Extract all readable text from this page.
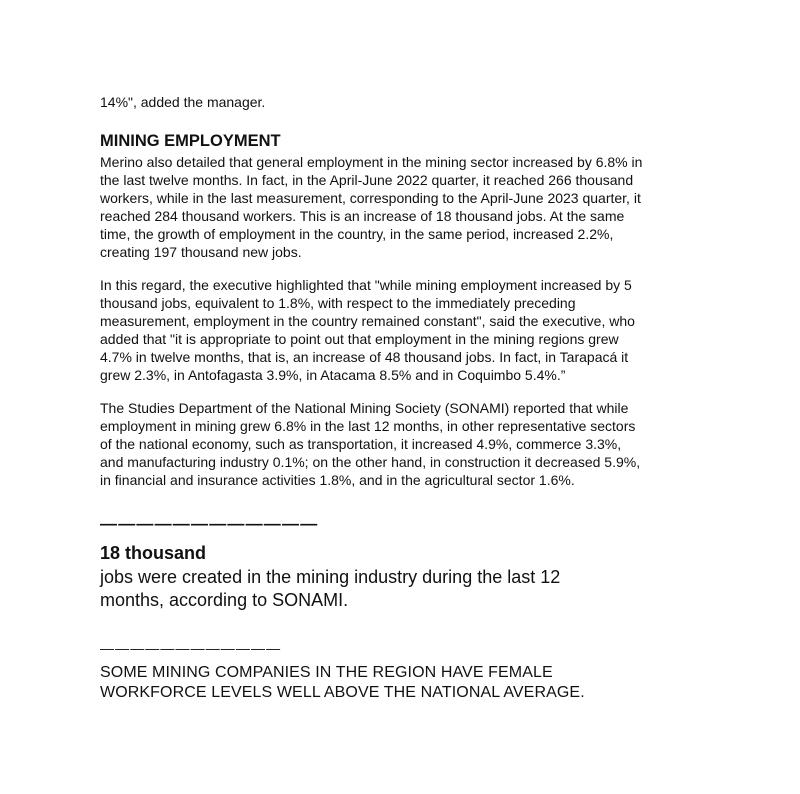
14%", added the manager.
MINING EMPLOYMENT

Merino also detailed that general employment in the mining sector increased by 6.8% in
the last twelve months. In fact, in the April-June 2022 quarter, it reached 266 thousand
workers, while in the last measurement, corresponding to the April-June 2023 quarter, it
reached 284 thousand workers. This is an increase of 18 thousand jobs. At the same
time, the growth of employment in the country, in the same period, increased 2.2%,
creating 197 thousand new jobs.

In this regard, the executive highlighted that "while mining employment increased by 5
thousand jobs, equivalent to 1.8%, with respect to the immediately preceding
measurement, employment in the country remained constant", said the executive, who
added that "it is appropriate to point out that employment in the mining regions grew
4.7% in twelve months, that is, an increase of 48 thousand jobs. In fact, in Tarapacá it
grew 2.3%, in Antofagasta 3.9%, in Atacama 8.5% and in Coquimbo 5.4%.”

The Studies Department of the National Mining Society (SONAMI) reported that while
employment in mining grew 6.8% in the last 12 months, in other representative sectors
of the national economy, such as transportation, it increased 4.9%, commerce 3.3%,
and manufacturing industry 0.1%; on the other hand, in construction it decreased 5.9%,
in financial and insurance activities 1.8%, and in the agricultural sector 1.6%.

————————————
18 thousand
jobs were created in the mining industry during the last 12
months, according to SONAMI.
————————————
SOME MINING COMPANIES IN THE REGION HAVE FEMALE
WORKFORCE LEVELS WELL ABOVE THE NATIONAL AVERAGE.
